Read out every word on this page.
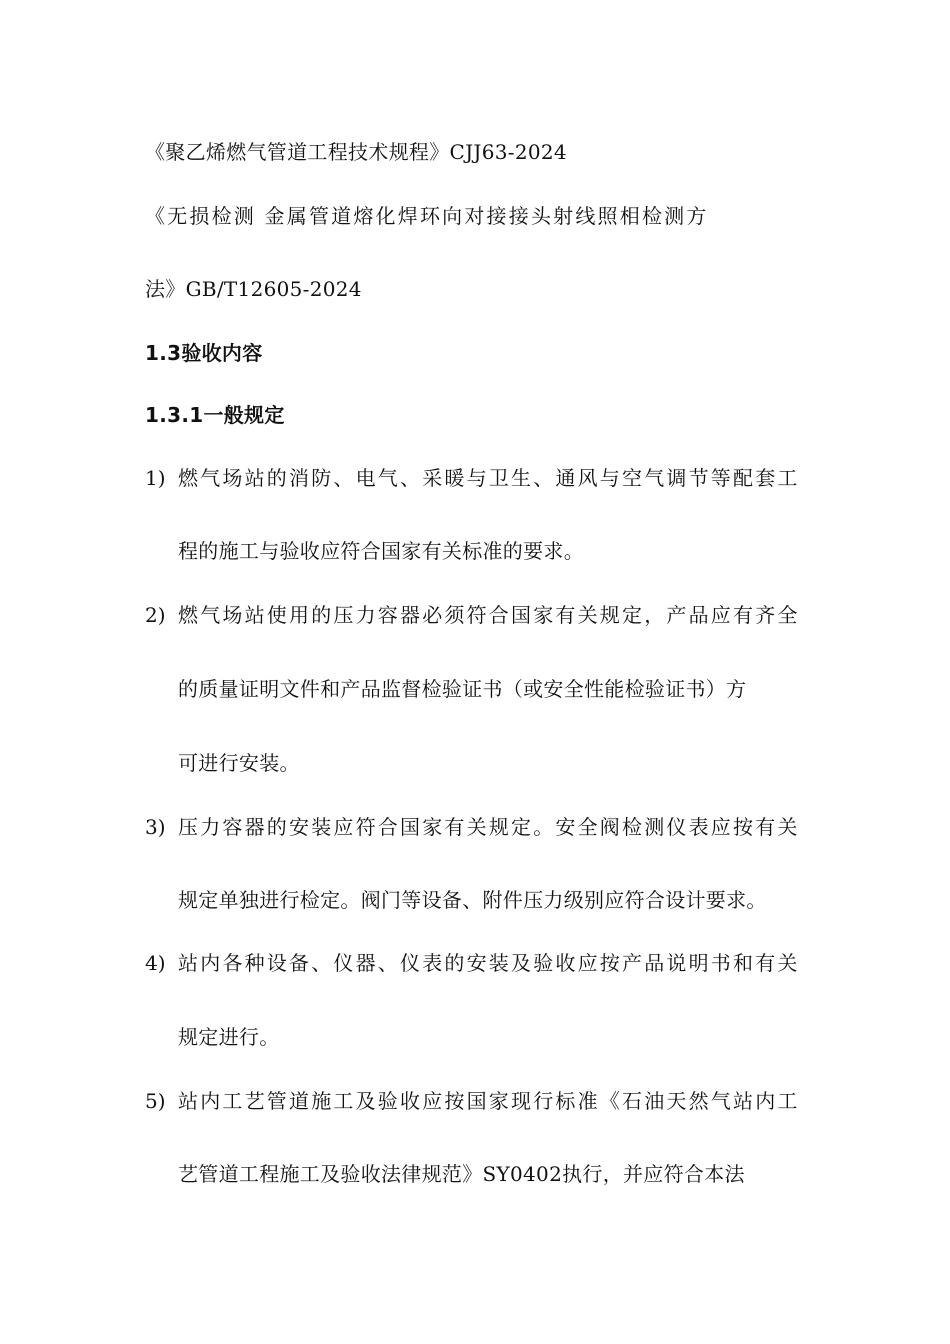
《聚乙烯燃气管道工程技术规程》CJJ63-2024
《无损检测 金属管道熔化焊环向对接接头射线照相检测方
法》GB/T12605-2024
1.3验收内容
1.3.1一般规定
1) 燃气场站的消防、电气、采暖与卫生、通风与空气调节等配套工
程的施工与验收应符合国家有关标准的要求。
2) 燃气场站使用的压力容器必须符合国家有关规定，产品应有齐全
的质量证明文件和产品监督检验证书（或安全性能检验证书）方
可进行安装。
3) 压力容器的安装应符合国家有关规定。安全阀检测仪表应按有关
规定单独进行检定。阀门等设备、附件压力级别应符合设计要求。
4) 站内各种设备、仪器、仪表的安装及验收应按产品说明书和有关
规定进行。
5) 站内工艺管道施工及验收应按国家现行标准《石油天然气站内工
艺管道工程施工及验收法律规范》SY0402执行，并应符合本法
